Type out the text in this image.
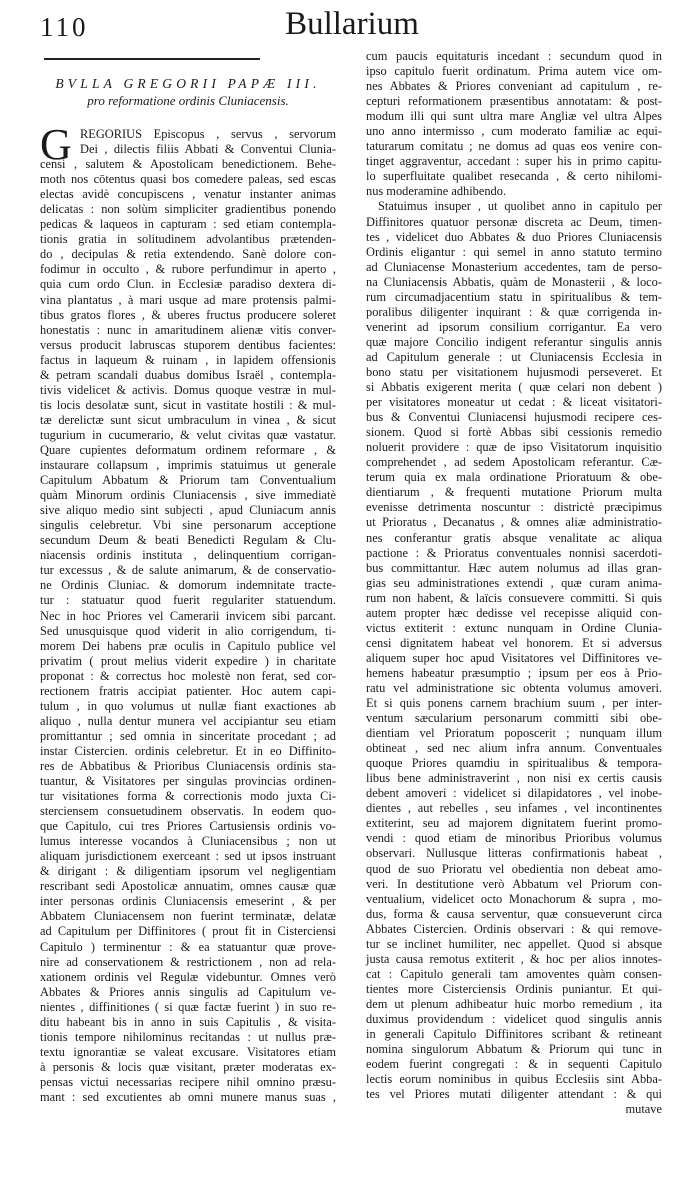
110	Bullarium
BVLLA GREGORII PAPÆ III.
pro reformatione ordinis Cluniacensis.
G REGORIUS Episcopus , servus , servorum
Dei , dilectis filiis Abbati & Conventui Clunia-
censi , salutem & Apostolicam benedictionem. Behe-
moth nos cōtentus quasi bos comedere paleas, sed escas
electas avidè concupiscens , venatur instanter animas
delicatas : non solùm simpliciter gradientibus ponendo
pedicas & laqueos in capturam : sed etiam contempla-
tionis gratia in solitudinem advolantibus prætenden-
do , decipulas & retia extendendo. Sanè dolore con-
fodimur in occulto , & rubore perfundimur in aperto ,
quia cum ordo Clun. in Ecclesiæ paradiso dextera di-
vina plantatus , à mari usque ad mare protensis palmi-
tibus gratos flores , & uberes fructus producere soleret
honestatis : nunc in amaritudinem alienæ vitis conver-
versus producit labruscas stuporem dentibus facientes:
factus in laqueum & ruinam , in lapidem offensionis
& petram scandali duabus domibus Israël , contempla-
tivis videlicet & activis. Domus quoque vestræ in mul-
tis locis desolatæ sunt, sicut in vastitate hostili : & mul-
tæ derelictæ sunt sicut umbraculum in vinea , & sicut
tugurium in cucumerario, & velut civitas quæ vastatur.
Quare cupientes deformatum ordinem reformare , &
instaurare collapsum , imprimis statuimus ut generale
Capitulum Abbatum & Priorum tam Conventualium
quàm Minorum ordinis Cluniacensis , sive immediatè
sive aliquo medio sint subjecti , apud Cluniacum annis
singulis celebretur. Vbi sine personarum acceptione
secundum Deum & beati Benedicti Regulam & Clu-
niacensis ordinis instituta , delinquentium corrigan-
tur excessus , & de salute animarum, & de conservatio-
ne Ordinis Cluniac. & domorum indemnitate tracte-
tur : statuatur quod fuerit regulariter statuendum.
Nec in hoc Priores vel Camerarii invicem sibi parcant.
Sed unusquisque quod viderit in alio corrigendum, ti-
morem Dei habens præ oculis in Capitulo publice vel
privatim ( prout melius viderit expedire ) in charitate
proponat : & correctus hoc molestè non ferat, sed cor-
rectionem fratris accipiat patienter. Hoc autem capi-
tulum , in quo volumus ut nullæ fiant exactiones ab
aliquo , nulla dentur munera vel accipiantur seu etiam
promittantur ; sed omnia in sinceritate procedant ; ad
instar Cistercien. ordinis celebretur. Et in eo Diffinito-
res de Abbatibus & Prioribus Cluniacensis ordinis sta-
tuantur, & Visitatores per singulas provincias ordinen-
tur visitationes forma & correctionis modo juxta Ci-
sterciensem consuetudinem observatis. In eodem quo-
que Capitulo, cui tres Priores Cartusiensis ordinis vo-
lumus interesse vocandos à Cluniacensibus ; non ut
aliquam jurisdictionem exerceant : sed ut ipsos instruant
& dirigant : & diligentiam ipsorum vel negligentiam
rescribant sedi Apostolicæ annuatim, omnes causæ quæ
inter personas ordinis Cluniacensis emeserint , & per
Abbatem Cluniacensem non fuerint terminatæ, delatæ
ad Capitulum per Diffinitores ( prout fit in Cisterciensi
Capitulo ) terminentur : & ea statuantur quæ prove-
nire ad conservationem & restrictionem , non ad rela-
xationem ordinis vel Regulæ videbuntur. Omnes verò
Abbates & Priores annis singulis ad Capitulum ve-
nientes , diffinitiones ( si quæ factæ fuerint ) in suo re-
ditu habeant bis in anno in suis Capitulis , & visita-
tionis tempore nihilominus recitandas : ut nullus præ-
textu ignorantiæ se valeat excusare. Visitatores etiam
à personis & locis quæ visitant, præter moderatas ex-
pensas victui necessarias recipere nihil omnino præsu-
mant : sed excutientes ab omni munere manus suas ,
cum paucis equitaturis incedant : secundum quod in
ipso capitulo fuerit ordinatum. Prima autem vice om-
nes Abbates & Priores conveniant ad capitulum , re-
cepturi reformationem præsentibus annotatam: & post-
modum illi qui sunt ultra mare Angliæ vel ultra Alpes
uno anno intermisso , cum moderato familiæ ac equi-
taturarum comitatu ; ne domus ad quas eos venire con-
tinget aggraventur, accedant : super his in primo capitu-
lo superfluitate qualibet resecanda , & certo nihilomi-
nus moderamine adhibendo.
Statuimus insuper , ut quolibet anno in capitulo per
Diffinitores quatuor personæ discreta ac Deum, timen-
tes , videlicet duo Abbates & duo Priores Cluniacensis
Ordinis eligantur : qui semel in anno statuto termino
ad Cluniacense Monasterium accedentes, tam de perso-
na Cluniacensis Abbatis, quàm de Monasterii , & loco-
rum circumadjacentium statu in spiritualibus & tem-
poralibus diligenter inquirant : & quæ corrigenda in-
venerint ad ipsorum consilium corrigantur. Ea vero
quæ majore Concilio indigent referantur singulis annis
ad Capitulum generale : ut Cluniacensis Ecclesia in
bono statu per visitationem hujusmodi perseveret. Et
si Abbatis exigerent merita ( quæ celari non debent )
per visitatores moneatur ut cedat : & liceat visitatori-
bus & Conventui Cluniacensi hujusmodi recipere ces-
sionem. Quod si fortè Abbas sibi cessionis remedio
noluerit providere : quæ de ipso Visitatorum inquisitio
comprehendet , ad sedem Apostolicam referantur. Cæ-
terum quia ex mala ordinatione Prioratuum & obe-
dientiarum , & frequenti mutatione Priorum multa
evenisse detrimenta noscuntur : districtè præcipimus
ut Prioratus , Decanatus , & omnes aliæ administratio-
nes conferantur gratis absque venalitate ac aliqua
pactione : & Prioratus conventuales nonnisi sacerdoti-
bus committantur. Hæc autem nolumus ad illas gran-
gias seu administrationes extendi , quæ curam anima-
rum non habent, & laïcis consuevere committi. Si quis
autem propter hæc dedisse vel recepisse aliquid con-
victus extiterit : extunc nunquam in Ordine Clunia-
censi dignitatem habeat vel honorem. Et si adversus
aliquem super hoc apud Visitatores vel Diffinitores ve-
hemens habeatur præsumptio ; ipsum per eos à Prio-
ratu vel administratione sic obtenta volumus amoveri.
Et si quis ponens carnem brachium suum , per inter-
ventum sæcularium personarum committi sibi obe-
dientiam vel Prioratum poposcerit ; nunquam illum
obtineat , sed nec alium infra annum. Conventuales
quoque Priores quamdiu in spiritualibus & tempora-
libus bene administraverint , non nisi ex certis causis
debent amoveri : videlicet si dilapidatores , vel inobe-
dientes , aut rebelles , seu infames , vel incontinentes
extiterint, seu ad majorem dignitatem fuerint promo-
vendi : quod etiam de minoribus Prioribus volumus
observari. Nullusque litteras confirmationis habeat ,
quod de suo Prioratu vel obedientia non debeat amo-
veri. In destitutione verò Abbatum vel Priorum con-
ventualium, videlicet octo Monachorum & supra , mo-
dus, forma & causa serventur, quæ consueverunt circa
Abbates Cistercien. Ordinis observari : & qui remove-
tur se inclinet humiliter, nec appellet. Quod si absque
justa causa remotus extiterit , & hoc per alios innotes-
cat : Capitulo generali tam amoventes quàm consen-
tientes more Cisterciensis Ordinis puniantur. Et qui-
dem ut plenum adhibeatur huic morbo remedium , ita
duximus providendum : videlicet quod singulis annis
in generali Capitulo Diffinitores scribant & retineant
nomina singulorum Abbatum & Priorum qui tunc in
eodem fuerint congregati : & in sequenti Capitulo
lectis eorum nominibus in quibus Ecclesiis sint Abba-
tes vel Priores mutati diligenter attendant : & qui
mutave
